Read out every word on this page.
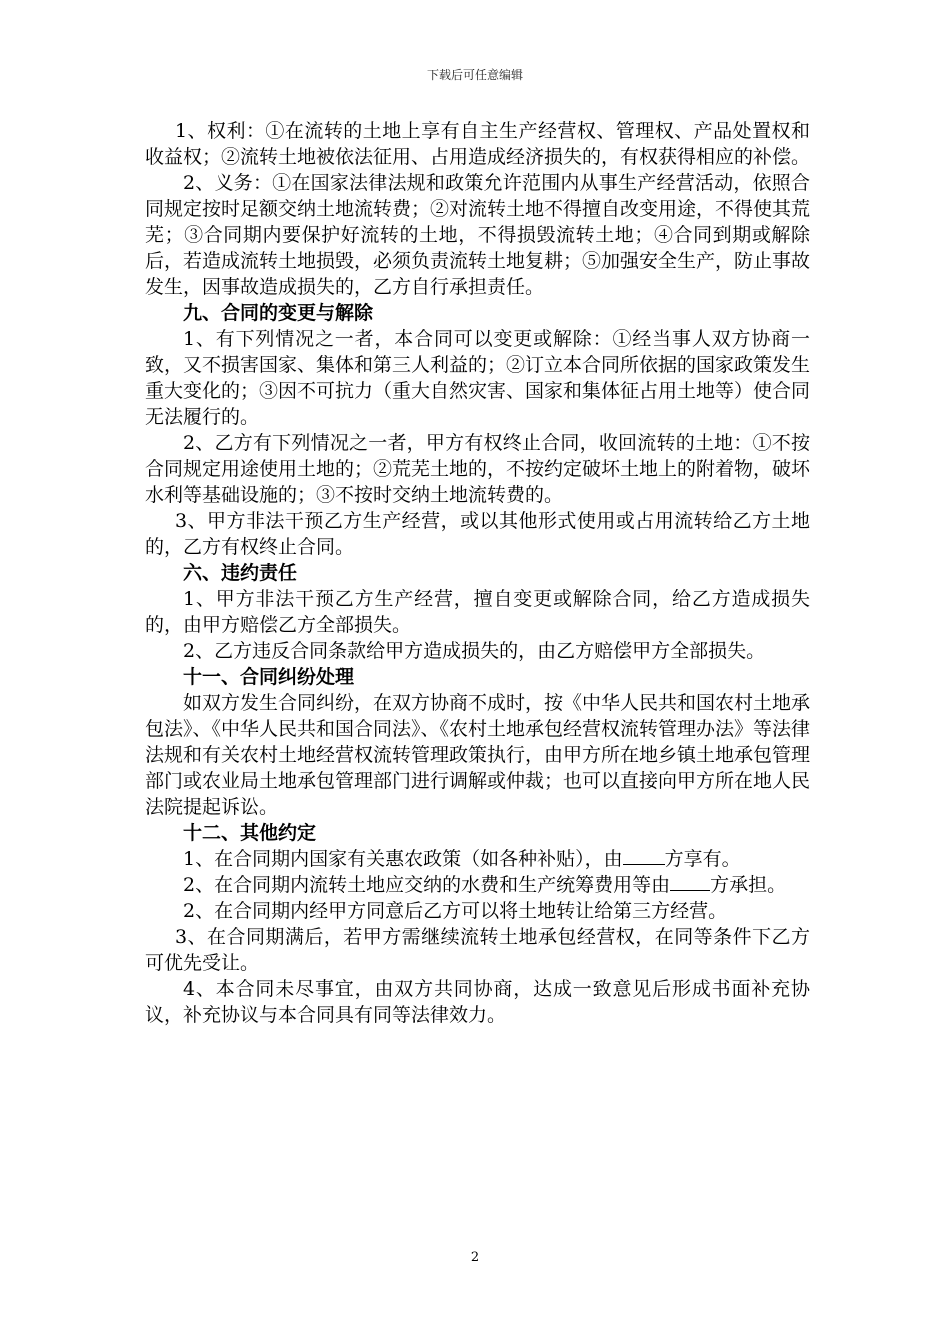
下载后可任意编辑

1、权利：①在流转的土地上享有自主生产经营权、管理权、产品处置权和收益权；②流转土地被依法征用、占用造成经济损失的，有权获得相应的补偿。

2、义务：①在国家法律法规和政策允许范围内从事生产经营活动，依照合同规定按时足额交纳土地流转费；②对流转土地不得擅自改变用途，不得使其荒芜；③合同期内要保护好流转的土地，不得损毁流转土地；④合同到期或解除后，若造成流转土地损毁，必须负责流转土地复耕；⑤加强安全生产，防止事故发生，因事故造成损失的，乙方自行承担责任。

九、合同的变更与解除

1、有下列情况之一者，本合同可以变更或解除：①经当事人双方协商一致，又不损害国家、集体和第三人利益的；②订立本合同所依据的国家政策发生重大变化的；③因不可抗力（重大自然灾害、国家和集体征占用土地等）使合同无法履行的。

2、乙方有下列情况之一者，甲方有权终止合同，收回流转的土地：①不按合同规定用途使用土地的；②荒芜土地的，不按约定破坏土地上的附着物，破坏水利等基础设施的；③不按时交纳土地流转费的。

3、甲方非法干预乙方生产经营，或以其他形式使用或占用流转给乙方土地的，乙方有权终止合同。

六、违约责任

1、甲方非法干预乙方生产经营，擅自变更或解除合同，给乙方造成损失的，由甲方赔偿乙方全部损失。

2、乙方违反合同条款给甲方造成损失的，由乙方赔偿甲方全部损失。

十一、合同纠纷处理

如双方发生合同纠纷，在双方协商不成时，按《中华人民共和国农村土地承包法》、《中华人民共和国合同法》、《农村土地承包经营权流转管理办法》等法律法规和有关农村土地经营权流转管理政策执行，由甲方所在地乡镇土地承包管理部门或农业局土地承包管理部门进行调解或仲裁；也可以直接向甲方所在地人民法院提起诉讼。

十二、其他约定

1、在合同期内国家有关惠农政策（如各种补贴），由 方享有。

2、在合同期内流转土地应交纳的水费和生产统筹费用等由 方承担。

2、在合同期内经甲方同意后乙方可以将土地转让给第三方经营。

3、在合同期满后，若甲方需继续流转土地承包经营权，在同等条件下乙方可优先受让。

4、本合同未尽事宜，由双方共同协商，达成一致意见后形成书面补充协议，补充协议与本合同具有同等法律效力。

2
